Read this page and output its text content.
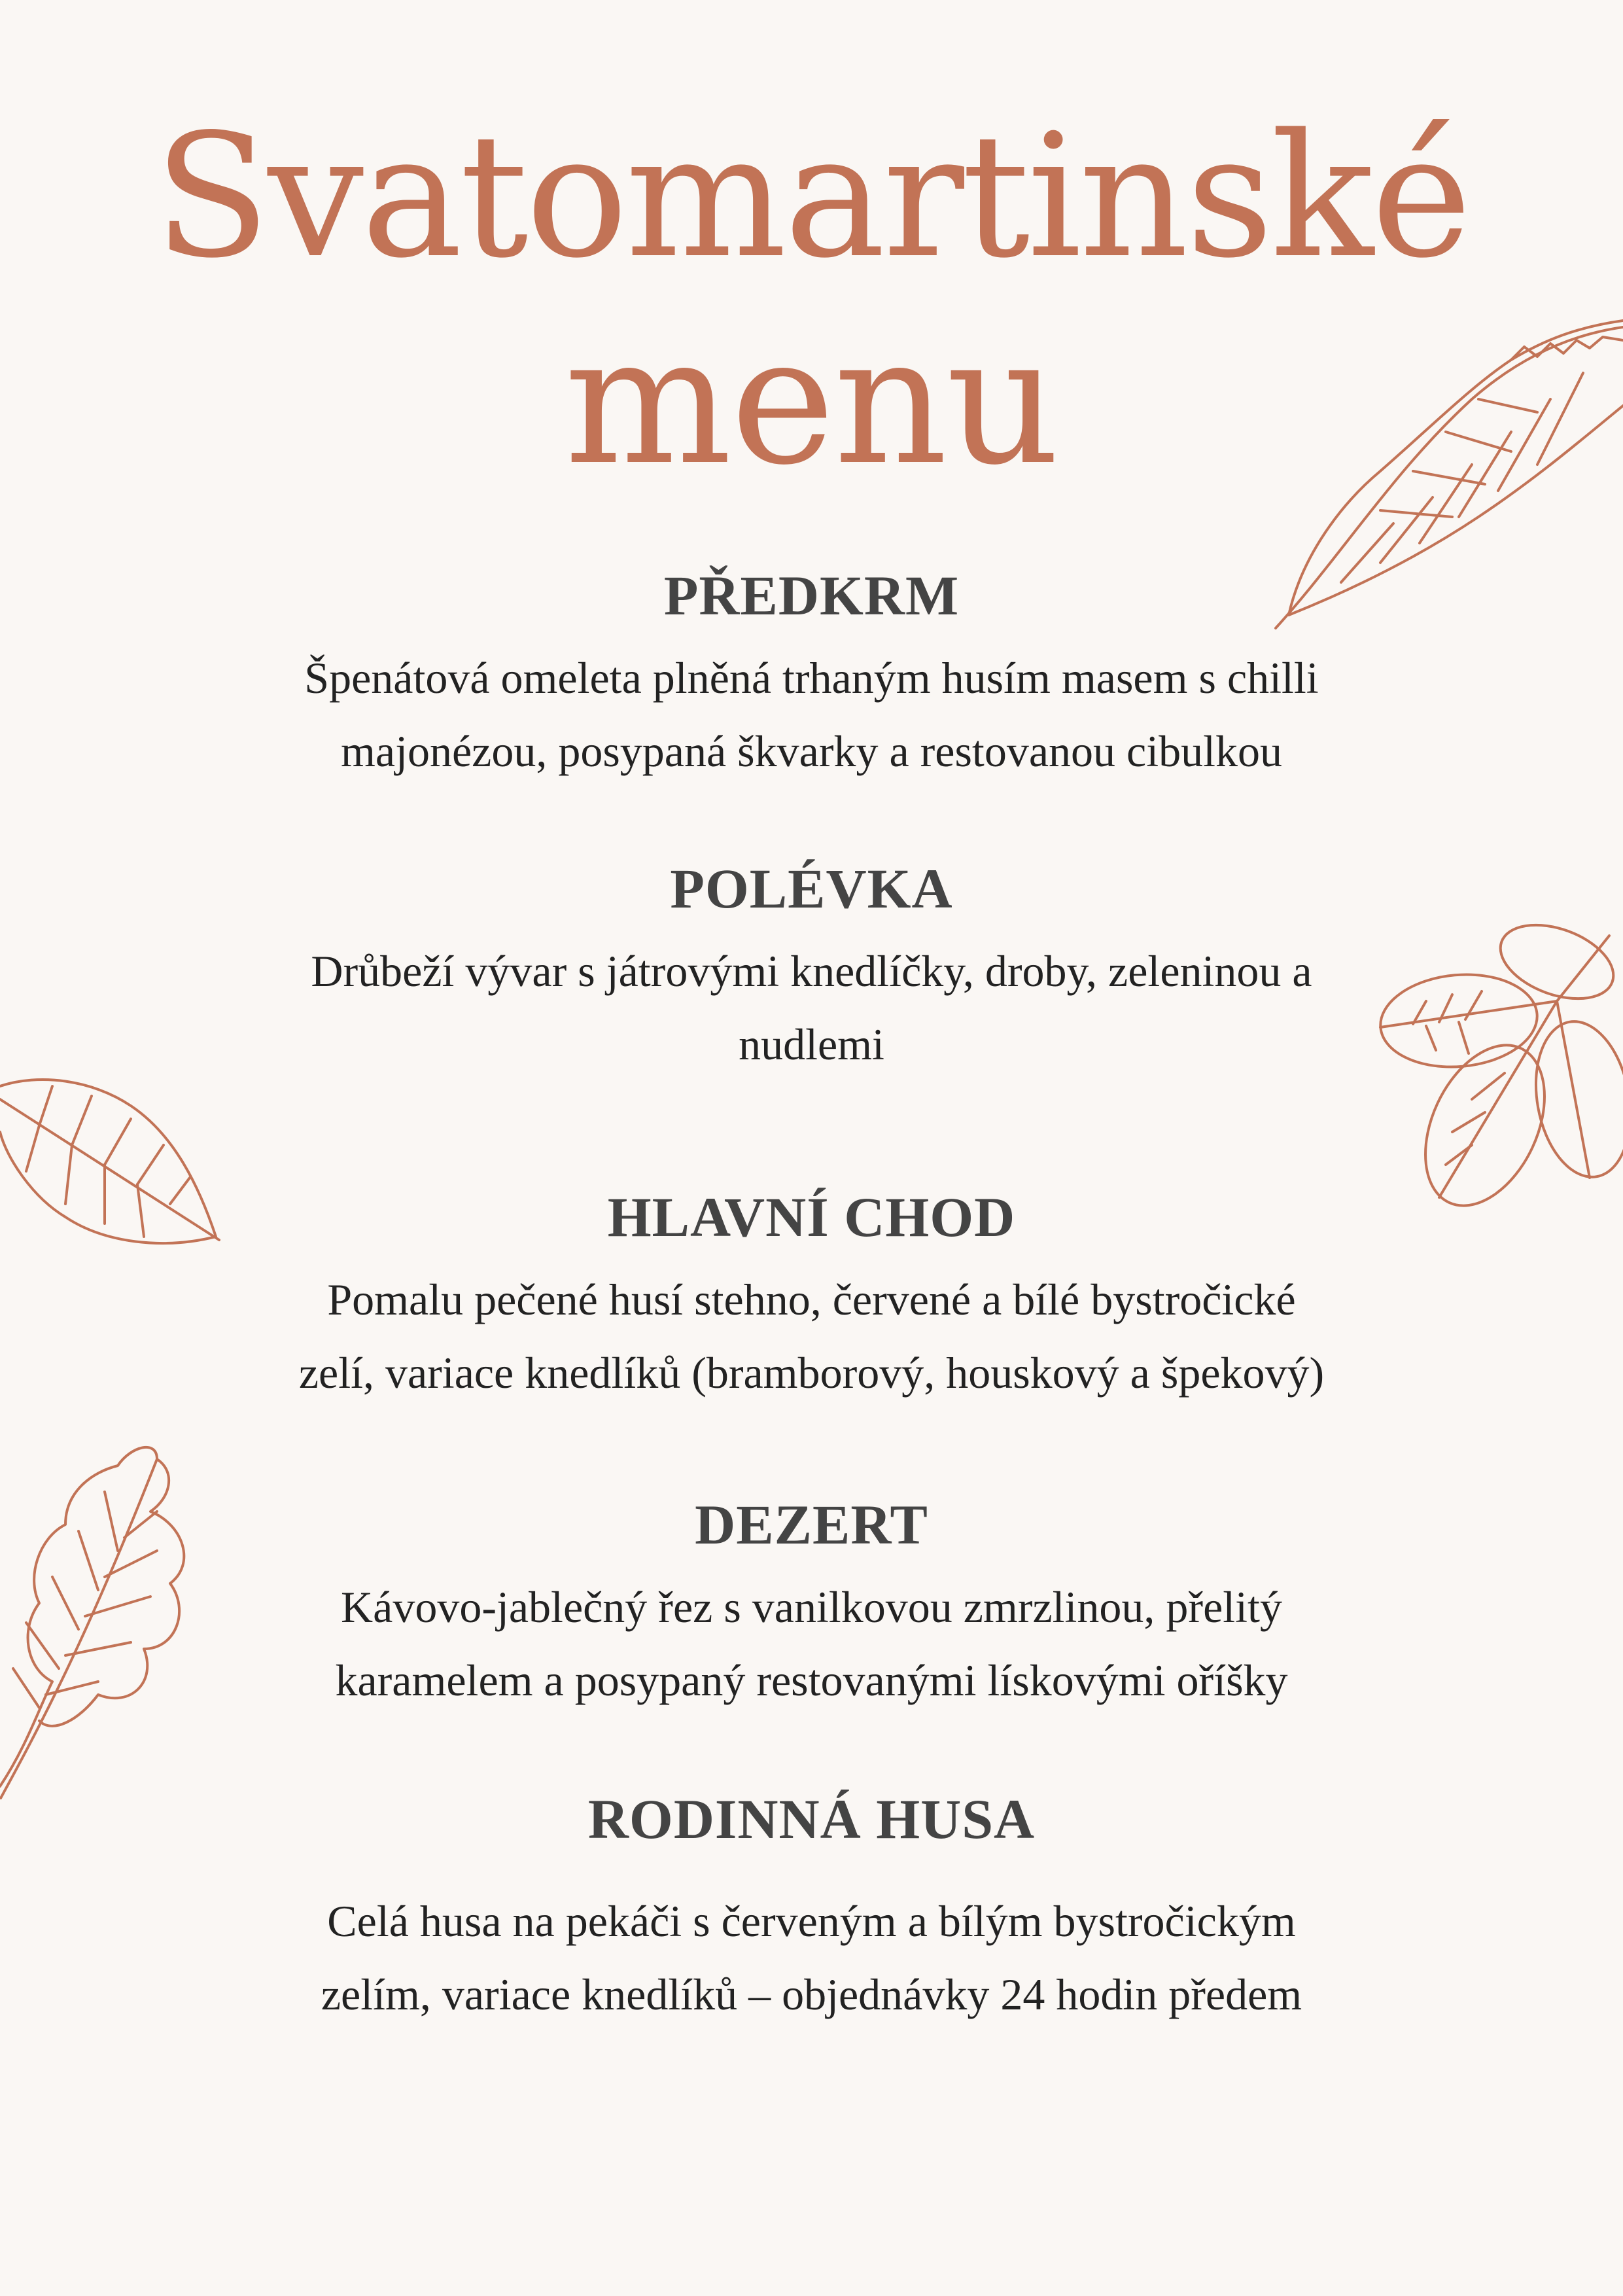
Svatomartinské
menu
PŘEDKRM

Špenátová omeleta plněná trhaným husím masem s chilli

majonézou, posypaná škvarky a restovanou cibulkou

POLÉVKA

Drůbeží vývar s játrovými knedlíčky, droby, zeleninou a

nudlemi

HLAVNÍ CHOD

Pomalu pečené husí stehno, červené a bílé bystročické

zelí, variace knedlíků (bramborový, houskový a špekový)

DEZERT

Kávovo-jablečný řez s vanilkovou zmrzlinou, přelitý

karamelem a posypaný restovanými lískovými oříšky

RODINNÁ HUSA

Celá husa na pekáči s červeným a bílým bystročickým

zelím, variace knedlíků – objednávky 24 hodin předem
